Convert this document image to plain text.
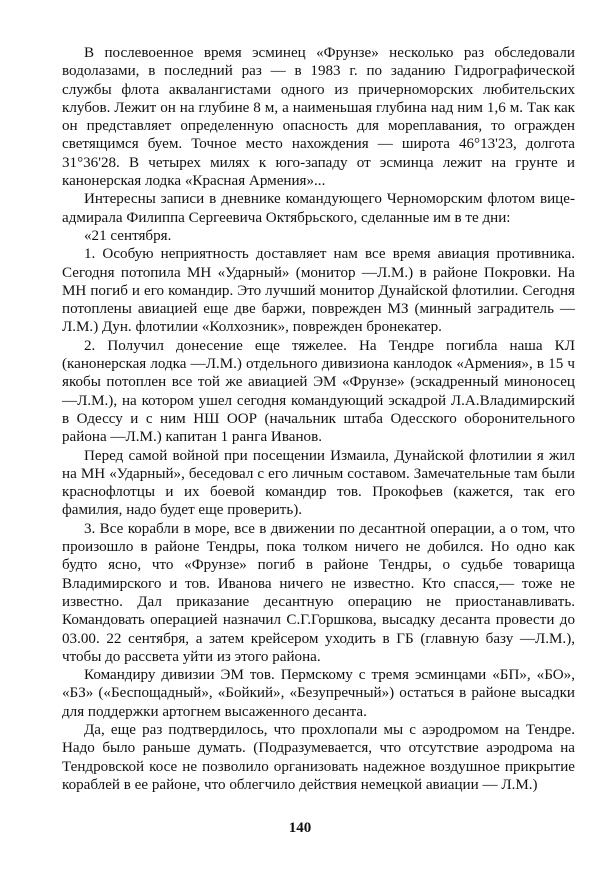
В послевоенное время эсминец «Фрунзе» несколько раз обследовали водолазами, в последний раз — в 1983 г. по заданию Гидрографической службы флота аквалангистами одного из причерноморских любительских клубов. Лежит он на глубине 8 м, а наименьшая глубина над ним 1,6 м. Так как он представляет определенную опасность для мореплавания, то огражден светящимся буем. Точное место нахождения — широта 46°13'23, долгота 31°36'28. В четырех милях к юго-западу от эсминца лежит на грунте и канонерская лодка «Красная Армения»...

Интересны записи в дневнике командующего Черноморским флотом вице-адмирала Филиппа Сергеевича Октябрьского, сделанные им в те дни:

«21 сентября.

1. Особую неприятность доставляет нам все время авиация противника. Сегодня потопила МН «Ударный» (монитор —Л.М.) в районе Покровки. На МН погиб и его командир. Это лучший монитор Дунайской флотилии. Сегодня потоплены авиацией еще две баржи, поврежден МЗ (минный заградитель —Л.М.) Дун. флотилии «Колхозник», поврежден бронекатер.

2. Получил донесение еще тяжелее. На Тендре погибла наша КЛ (канонерская лодка —Л.М.) отдельного дивизиона канлодок «Армения», в 15 ч якобы потоплен все той же авиацией ЭМ «Фрунзе» (эскадренный миноносец —Л.М.), на котором ушел сегодня командующий эскадрой Л.А.Владимирский в Одессу и с ним НШ ООР (начальник штаба Одесского оборонительного района —Л.М.) капитан 1 ранга Иванов.

Перед самой войной при посещении Измаила, Дунайской флотилии я жил на МН «Ударный», беседовал с его личным составом. Замечательные там были краснофлотцы и их боевой командир тов. Прокофьев (кажется, так его фамилия, надо будет еще проверить).

3. Все корабли в море, все в движении по десантной операции, а о том, что произошло в районе Тендры, пока толком ничего не добился. Но одно как будто ясно, что «Фрунзе» погиб в районе Тендры, о судьбе товарища Владимирского и тов. Иванова ничего не известно. Кто спасся,— тоже не известно. Дал приказание десантную операцию не приостанавливать. Командовать операцией назначил С.Г.Горшкова, высадку десанта провести до 03.00. 22 сентября, а затем крейсером уходить в ГБ (главную базу —Л.М.), чтобы до рассвета уйти из этого района.

Командиру дивизии ЭМ тов. Пермскому с тремя эсминцами «БП», «БО», «БЗ» («Беспощадный», «Бойкий», «Безупречный») остаться в районе высадки для поддержки артогнем высаженного десанта.

Да, еще раз подтвердилось, что прохлопали мы с аэродромом на Тендре. Надо было раньше думать. (Подразумевается, что отсутствие аэродрома на Тендровской косе не позволило организовать надежное воздушное прикрытие кораблей в ее районе, что облегчило действия немецкой авиации — Л.М.)

140
